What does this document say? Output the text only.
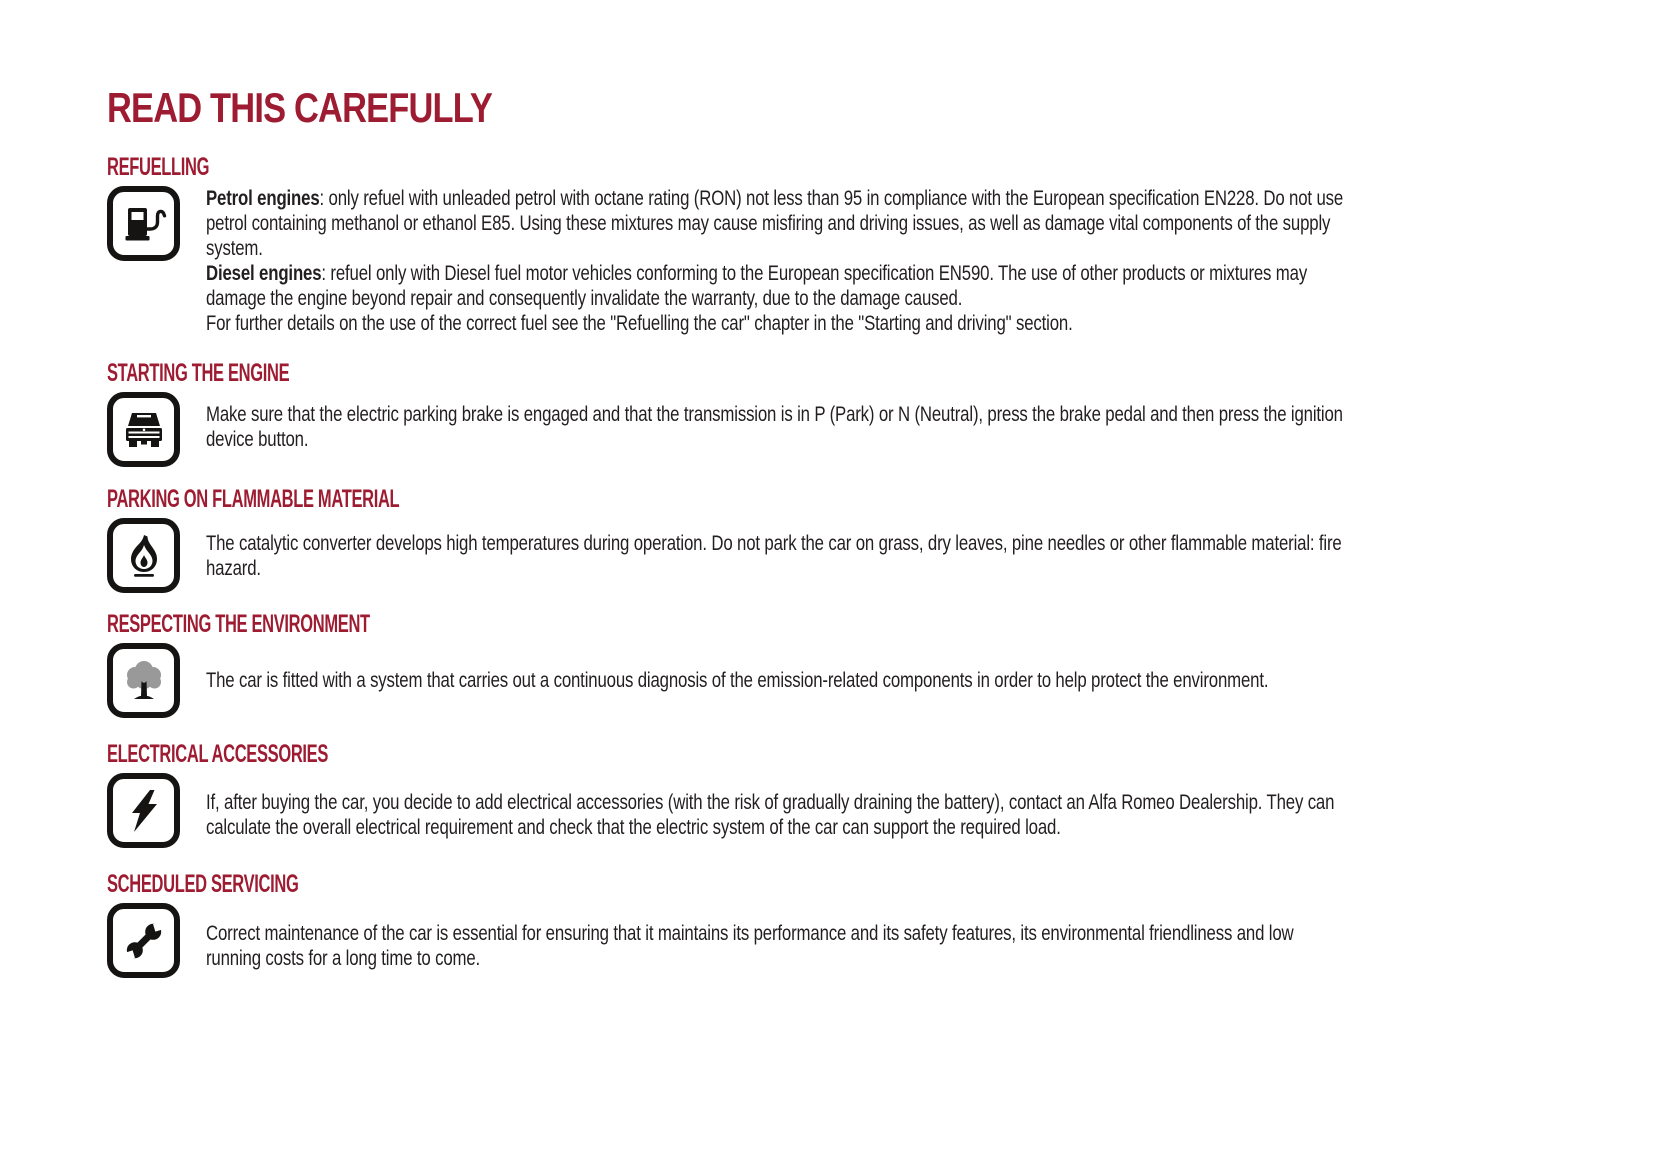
READ THIS CAREFULLY
REFUELLING
Petrol engines: only refuel with unleaded petrol with octane rating (RON) not less than 95 in compliance with the European specification EN228. Do not use
petrol containing methanol or ethanol E85. Using these mixtures may cause misfiring and driving issues, as well as damage vital components of the supply
system.
Diesel engines: refuel only with Diesel fuel motor vehicles conforming to the European specification EN590. The use of other products or mixtures may
damage the engine beyond repair and consequently invalidate the warranty, due to the damage caused.
For further details on the use of the correct fuel see the "Refuelling the car" chapter in the "Starting and driving" section.
STARTING THE ENGINE
Make sure that the electric parking brake is engaged and that the transmission is in P (Park) or N (Neutral), press the brake pedal and then press the ignition
device button.
PARKING ON FLAMMABLE MATERIAL
The catalytic converter develops high temperatures during operation. Do not park the car on grass, dry leaves, pine needles or other flammable material: fire
hazard.
RESPECTING THE ENVIRONMENT
The car is fitted with a system that carries out a continuous diagnosis of the emission-related components in order to help protect the environment.
ELECTRICAL ACCESSORIES
If, after buying the car, you decide to add electrical accessories (with the risk of gradually draining the battery), contact an Alfa Romeo Dealership. They can
calculate the overall electrical requirement and check that the electric system of the car can support the required load.
SCHEDULED SERVICING
Correct maintenance of the car is essential for ensuring that it maintains its performance and its safety features, its environmental friendliness and low
running costs for a long time to come.
